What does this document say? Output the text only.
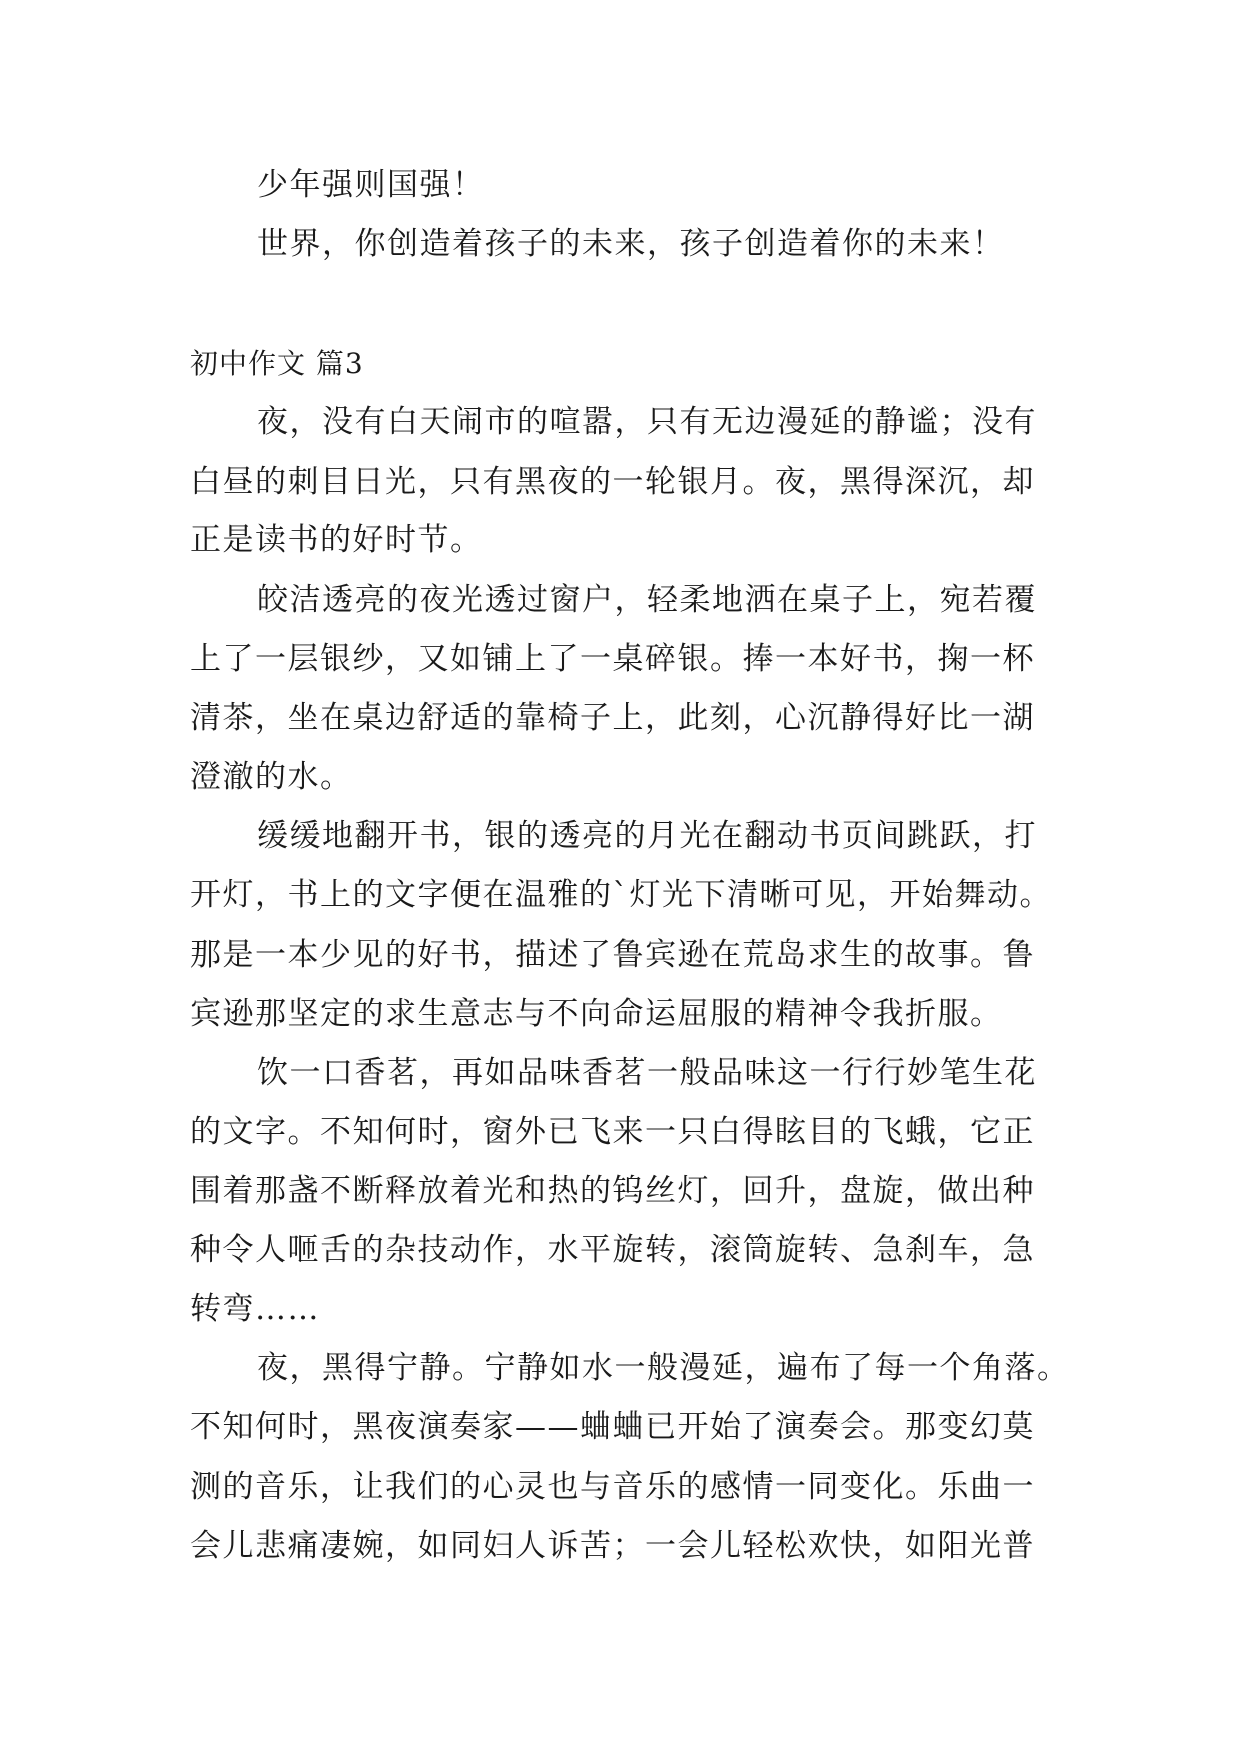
少年强则国强！

世界，你创造着孩子的未来，孩子创造着你的未来！

初中作文 篇3

夜，没有白天闹市的喧嚣，只有无边漫延的静谧；没有

白昼的刺目日光，只有黑夜的一轮银月。夜，黑得深沉，却

正是读书的好时节。

皎洁透亮的夜光透过窗户，轻柔地洒在桌子上，宛若覆

上了一层银纱，又如铺上了一桌碎银。捧一本好书，掬一杯

清茶，坐在桌边舒适的靠椅子上，此刻，心沉静得好比一湖

澄澈的水。

缓缓地翻开书，银的透亮的月光在翻动书页间跳跃，打

开灯，书上的文字便在温雅的`灯光下清晰可见，开始舞动。

那是一本少见的好书，描述了鲁宾逊在荒岛求生的故事。鲁

宾逊那坚定的求生意志与不向命运屈服的精神令我折服。

饮一口香茗，再如品味香茗一般品味这一行行妙笔生花

的文字。不知何时，窗外已飞来一只白得眩目的飞蛾，它正

围着那盏不断释放着光和热的钨丝灯，回升，盘旋，做出种

种令人咂舌的杂技动作，水平旋转，滚筒旋转、急刹车，急

转弯……

夜，黑得宁静。宁静如水一般漫延，遍布了每一个角落。

不知何时，黑夜演奏家——蛐蛐已开始了演奏会。那变幻莫

测的音乐，让我们的心灵也与音乐的感情一同变化。乐曲一

会儿悲痛凄婉，如同妇人诉苦；一会儿轻松欢快，如阳光普
